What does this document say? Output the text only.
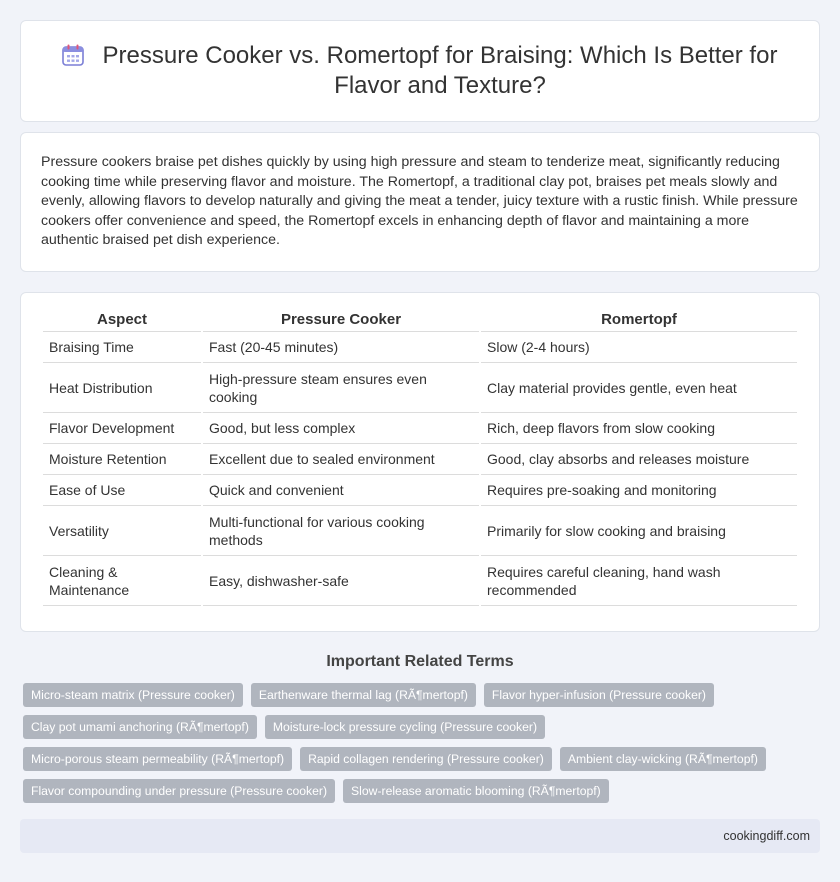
Pressure Cooker vs. Romertopf for Braising: Which Is Better for Flavor and Texture?

Pressure cookers braise pet dishes quickly by using high pressure and steam to tenderize meat, significantly reducing cooking time while preserving flavor and moisture. The Romertopf, a traditional clay pot, braises pet meals slowly and evenly, allowing flavors to develop naturally and giving the meat a tender, juicy texture with a rustic finish. While pressure cookers offer convenience and speed, the Romertopf excels in enhancing depth of flavor and maintaining a more authentic braised pet dish experience.

Aspect	Pressure Cooker	Romertopf
Braising Time	Fast (20-45 minutes)	Slow (2-4 hours)
Heat Distribution	High-pressure steam ensures even cooking	Clay material provides gentle, even heat
Flavor Development	Good, but less complex	Rich, deep flavors from slow cooking
Moisture Retention	Excellent due to sealed environment	Good, clay absorbs and releases moisture
Ease of Use	Quick and convenient	Requires pre-soaking and monitoring
Versatility	Multi-functional for various cooking methods	Primarily for slow cooking and braising
Cleaning & Maintenance	Easy, dishwasher-safe	Requires careful cleaning, hand wash recommended
Important Related Terms
Micro-steam matrix (Pressure cooker)	Earthenware thermal lag (RÃ¶mertopf)	Flavor hyper-infusion (Pressure cooker)
Clay pot umami anchoring (RÃ¶mertopf)	Moisture-lock pressure cycling (Pressure cooker)
Micro-porous steam permeability (RÃ¶mertopf)	Rapid collagen rendering (Pressure cooker)	Ambient clay-wicking (RÃ¶mertopf)
Flavor compounding under pressure (Pressure cooker)	Slow-release aromatic blooming (RÃ¶mertopf)
cookingdiff.com
